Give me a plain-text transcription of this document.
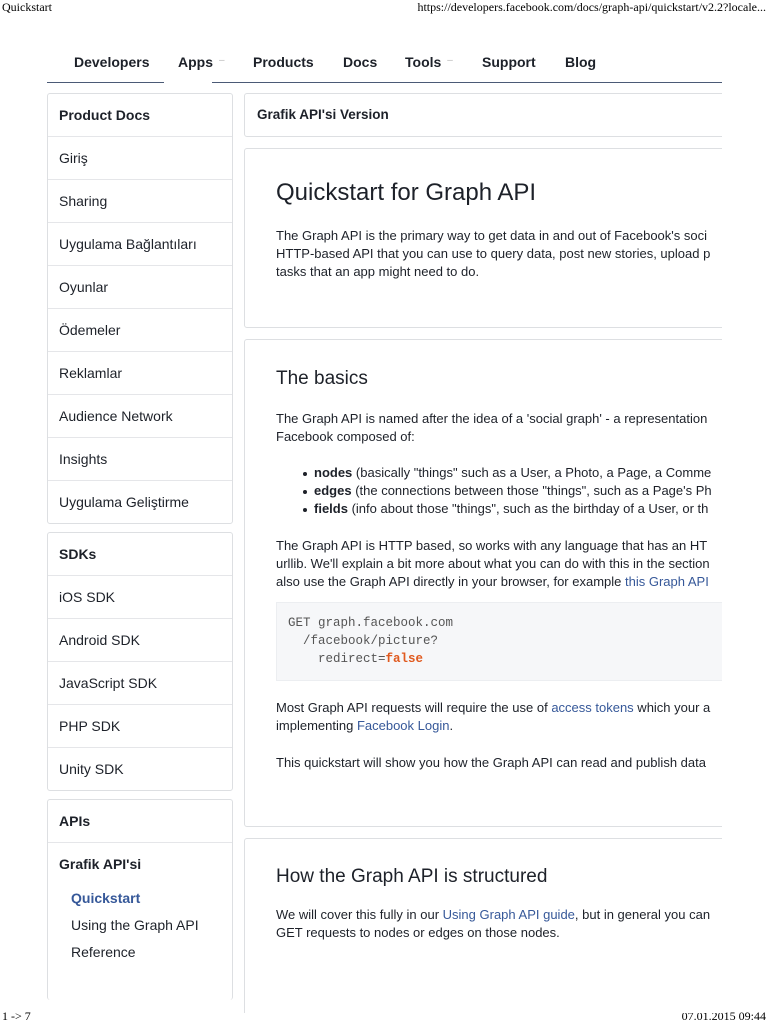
Quickstart	https://developers.facebook.com/docs/graph-api/quickstart/v2.2?locale...
1 -> 7	07.01.2015 09:44
Developers Apps – Products Docs Tools – Support Blog
Product Docs
Giriş
Sharing
Uygulama Bağlantıları
Oyunlar
Ödemeler
Reklamlar
Audience Network
Insights
Uygulama Geliştirme
SDKs
iOS SDK
Android SDK
JavaScript SDK
PHP SDK
Unity SDK
APIs
Grafik API'si
Quickstart
Using the Graph API
Reference
Grafik API'si Version
Quickstart for Graph API
The Graph API is the primary way to get data in and out of Facebook's soci
HTTP-based API that you can use to query data, post new stories, upload p
tasks that an app might need to do.
The basics
The Graph API is named after the idea of a 'social graph' - a representation
Facebook composed of:
nodes (basically "things" such as a User, a Photo, a Page, a Comme
edges (the connections between those "things", such as a Page's Ph
fields (info about those "things", such as the birthday of a User, or th
The Graph API is HTTP based, so works with any language that has an HT
urllib. We'll explain a bit more about what you can do with this in the section
also use the Graph API directly in your browser, for example this Graph API
GET graph.facebook.com
/facebook/picture?
redirect=false
Most Graph API requests will require the use of access tokens which your a
implementing Facebook Login.
This quickstart will show you how the Graph API can read and publish data
How the Graph API is structured
We will cover this fully in our Using Graph API guide, but in general you can
GET requests to nodes or edges on those nodes.
